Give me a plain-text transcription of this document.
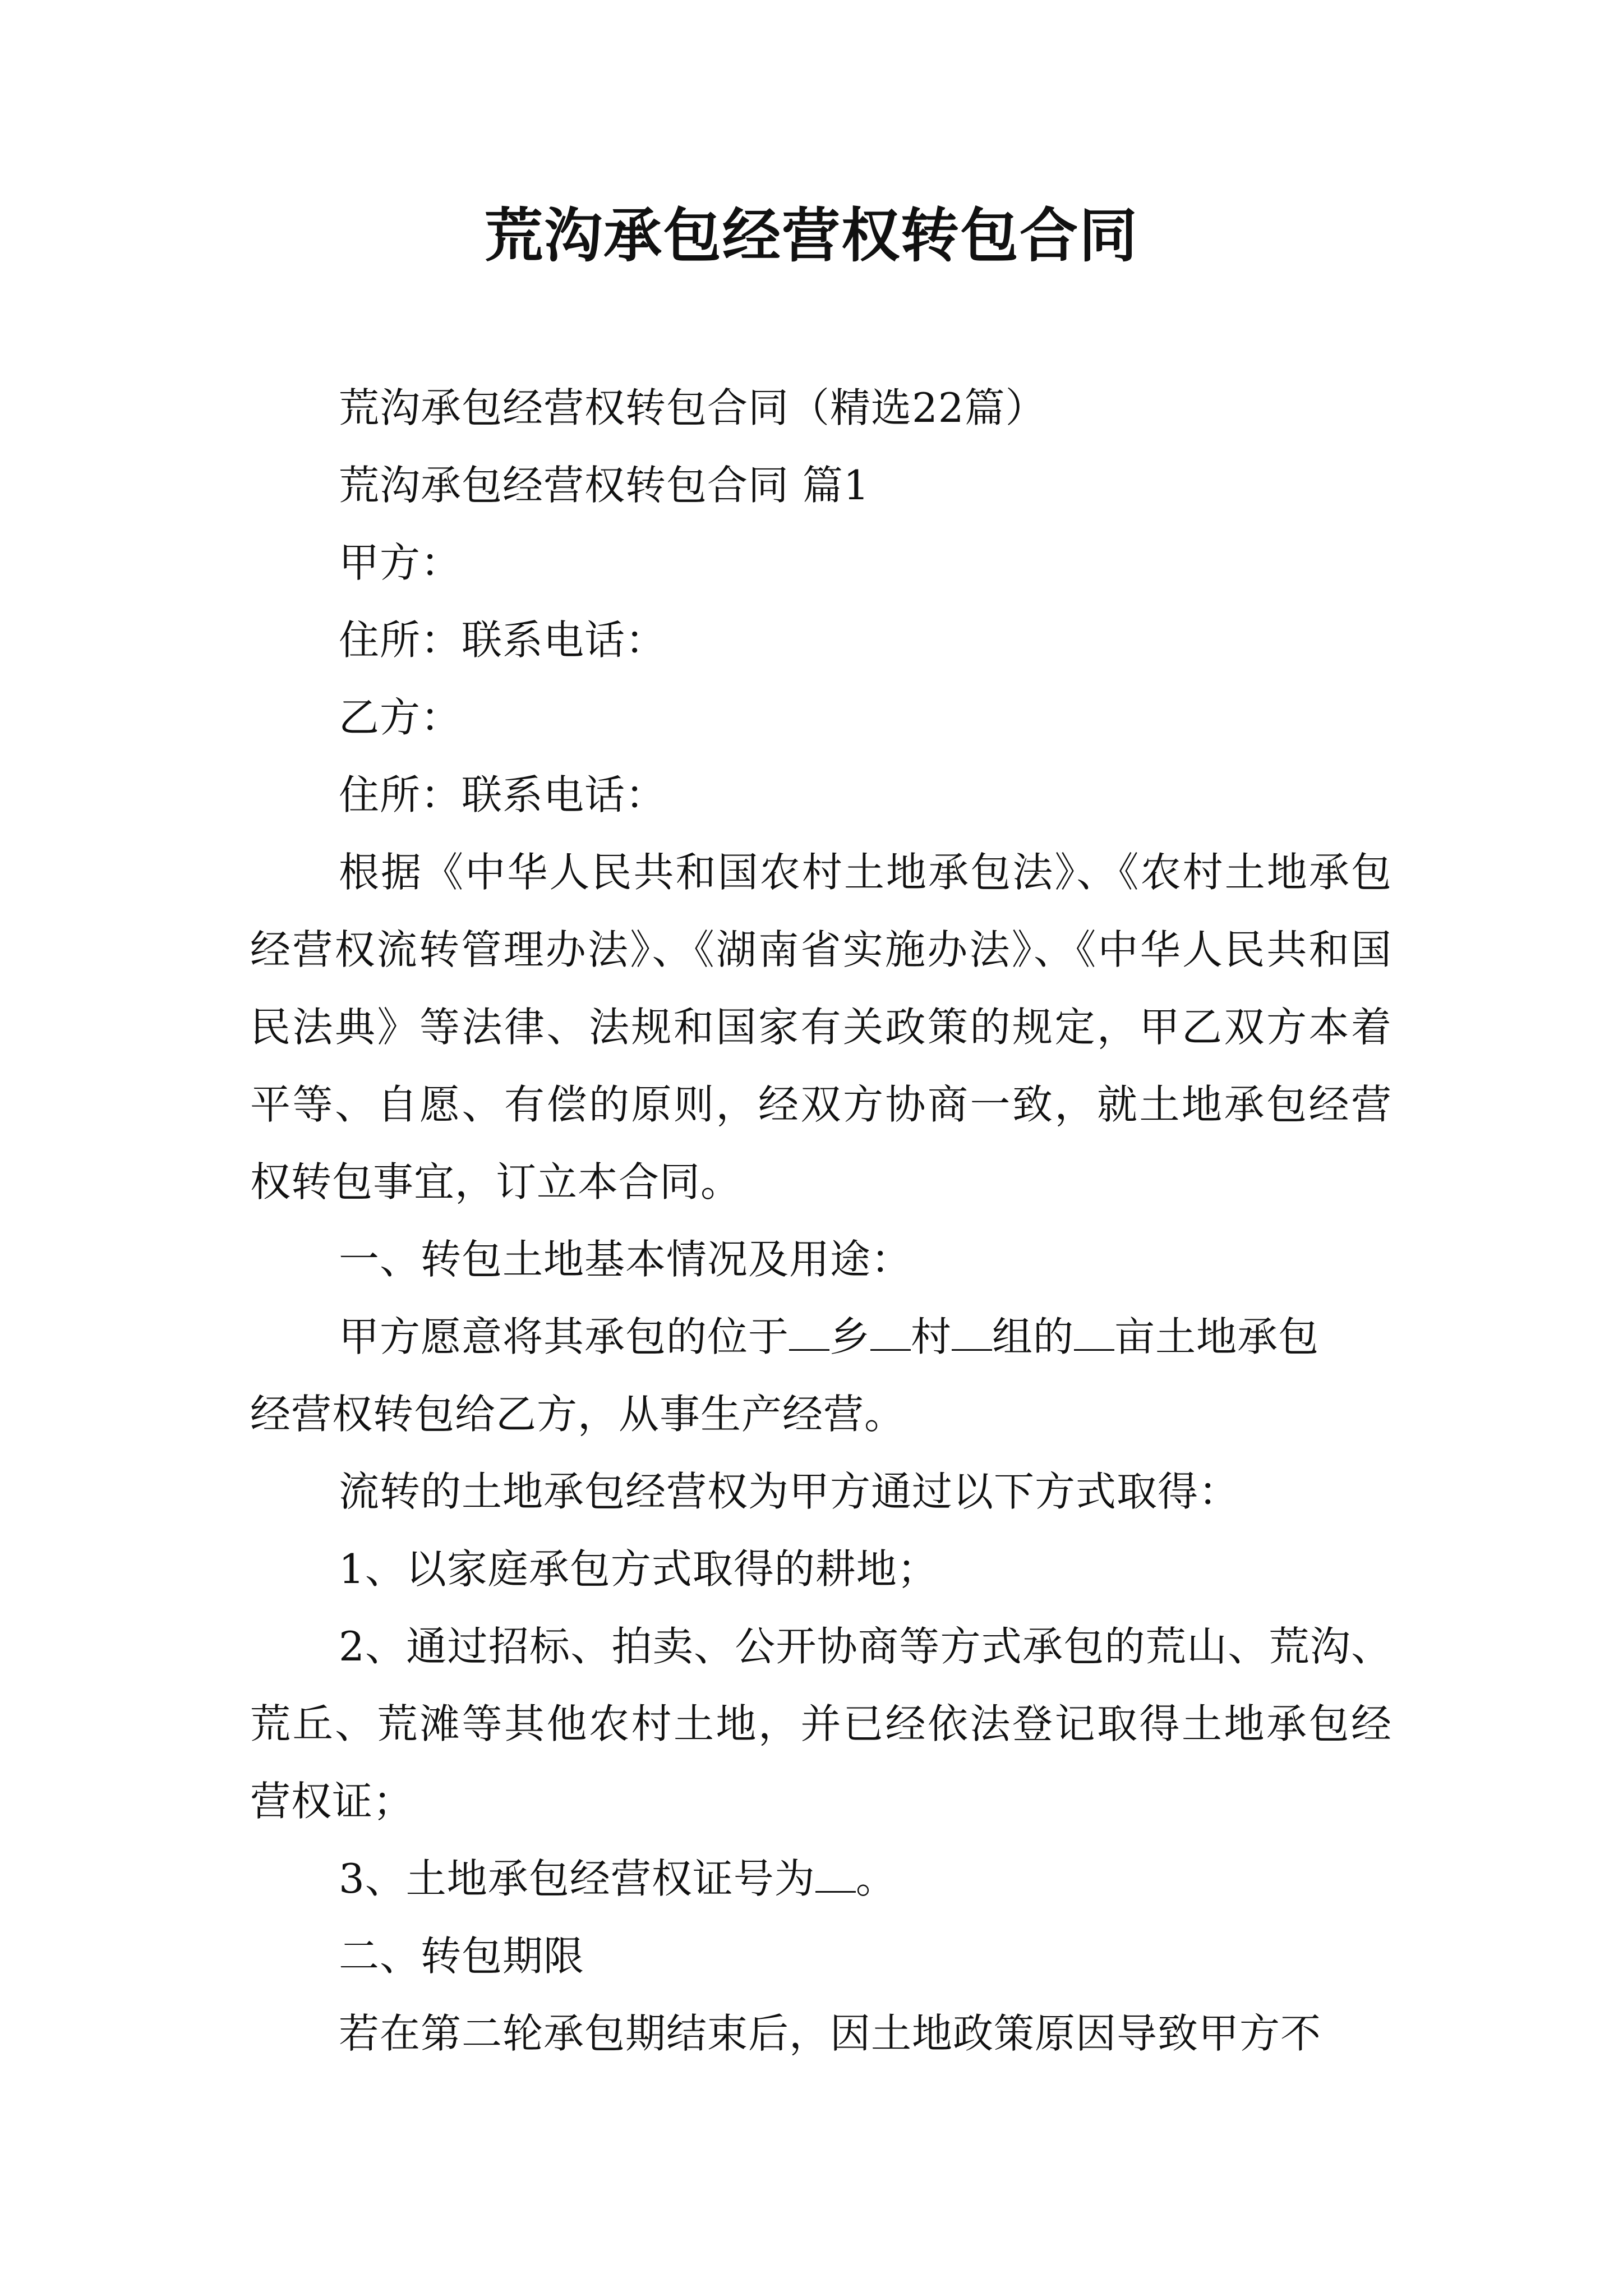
荒沟承包经营权转包合同

荒沟承包经营权转包合同（精选22篇）

荒沟承包经营权转包合同 篇1

甲方：

住所：联系电话：

乙方：

住所：联系电话：

根据《中华人民共和国农村土地承包法》、《农村土地承包经营权流转管理办法》、《湖南省实施办法》、《中华人民共和国民法典》等法律、法规和国家有关政策的规定，甲乙双方本着平等、自愿、有偿的原则，经双方协商一致，就土地承包经营权转包事宜，订立本合同。

一、转包土地基本情况及用途：

甲方愿意将其承包的位于 乡 村 组的 亩土地承包

经营权转包给乙方，从事生产经营。

流转的土地承包经营权为甲方通过以下方式取得：

1、以家庭承包方式取得的耕地；

2、通过招标、拍卖、公开协商等方式承包的荒山、荒沟、荒丘、荒滩等其他农村土地，并已经依法登记取得土地承包经营权证；

3、土地承包经营权证号为 。

二、转包期限

若在第二轮承包期结束后，因土地政策原因导致甲方不
